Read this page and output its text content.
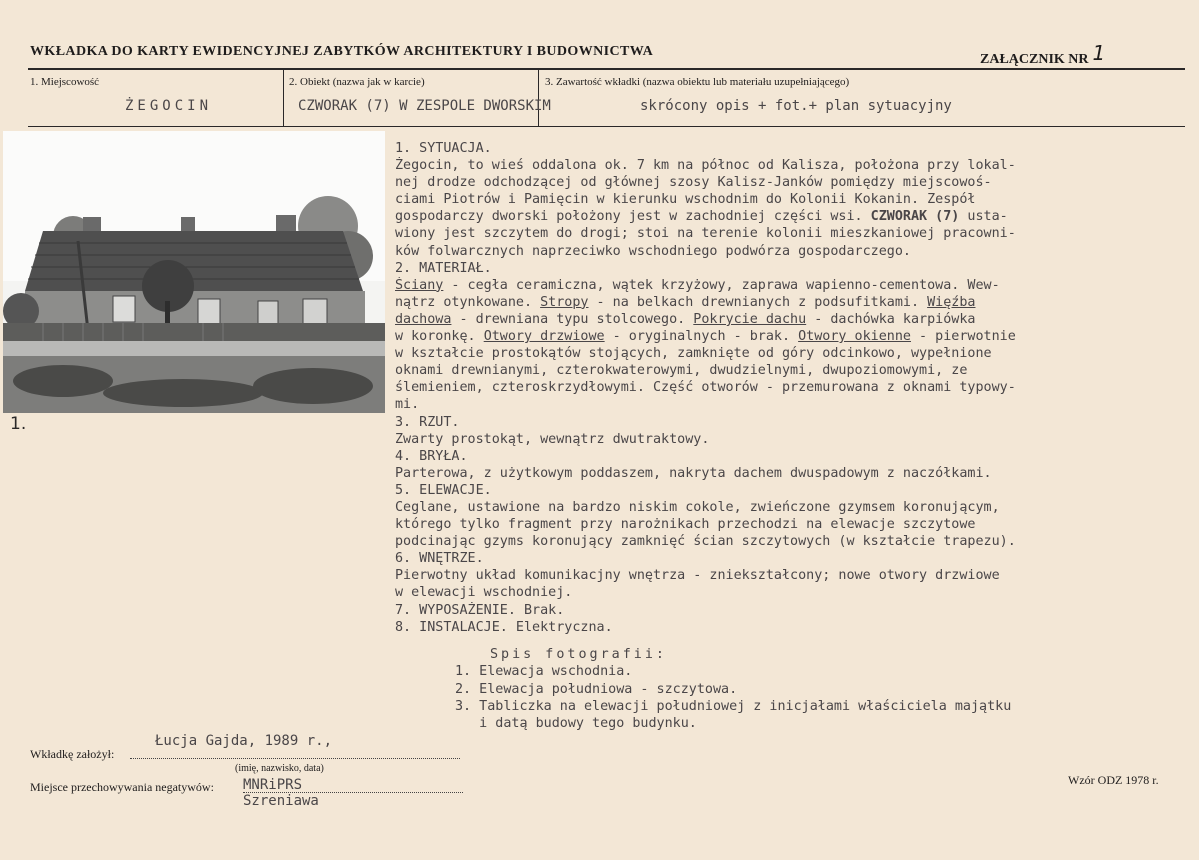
WKŁADKA DO KARTY EWIDENCYJNEJ ZABYTKÓW ARCHITEKTURY I BUDOWNICTWA
ZAŁĄCZNIK NR 1
1. Miejscowość
ŻEGOCIN
2. Obiekt (nazwa jak w karcie)
CZWORAK (7) W ZESPOLE DWORSKIM
3. Zawartość wkładki (nazwa obiektu lub materiału uzupełniającego)
skrócony opis + fot.+ plan sytuacyjny
1.
1. SYTUACJA.
Żegocin, to wieś oddalona ok. 7 km na północ od Kalisza, położona przy lokal-
nej drodze odchodzącej od głównej szosy Kalisz-Janków pomiędzy miejscowoś-
ciami Piotrów i Pamięcin w kierunku wschodnim do Kolonii Kokanin. Zespół
gospodarczy dworski położony jest w zachodniej części wsi. CZWORAK (7) usta-
wiony jest szczytem do drogi; stoi na terenie kolonii mieszkaniowej pracowni-
ków folwarcznych naprzeciwko wschodniego podwórza gospodarczego.
2. MATERIAŁ.
Ściany - cegła ceramiczna, wątek krzyżowy, zaprawa wapienno-cementowa. Wew-
nątrz otynkowane. Stropy - na belkach drewnianych z podsufitkami. Więźba
dachowa - drewniana typu stolcowego. Pokrycie dachu - dachówka karpiówka
w koronkę. Otwory drzwiowe - oryginalnych - brak. Otwory okienne - pierwotnie
w kształcie prostokątów stojących, zamknięte od góry odcinkowo, wypełnione
oknami drewnianymi, czterokwaterowymi, dwudzielnymi, dwupoziomowymi, ze
ślemieniem, czteroskrzydłowymi. Część otworów - przemurowana z oknami typowy-
mi.
3. RZUT.
Zwarty prostokąt, wewnątrz dwutraktowy.
4. BRYŁA.
Parterowa, z użytkowym poddaszem, nakryta dachem dwuspadowym z naczółkami.
5. ELEWACJE.
Ceglane, ustawione na bardzo niskim cokole, zwieńczone gzymsem koronującym,
którego tylko fragment przy narożnikach przechodzi na elewacje szczytowe
podcinając gzyms koronujący zamknięć ścian szczytowych (w kształcie trapezu).
6. WNĘTRZE.
Pierwotny układ komunikacjny wnętrza - zniekształcony; nowe otwory drzwiowe
w elewacji wschodniej.
7. WYPOSAŻENIE. Brak.
8. INSTALACJE. Elektryczna.
Spis fotografii:
1. Elewacja wschodnia.
2. Elewacja południowa - szczytowa.
3. Tabliczka na elewacji południowej z inicjałami właściciela majątku
i datą budowy tego budynku.
Łucja Gajda, 1989 r.,
Wkładkę założył:
(imię, nazwisko, data)
Miejsce przechowywania negatywów: MNRiPRS
Szreniawa
Wzór ODZ 1978 r.
